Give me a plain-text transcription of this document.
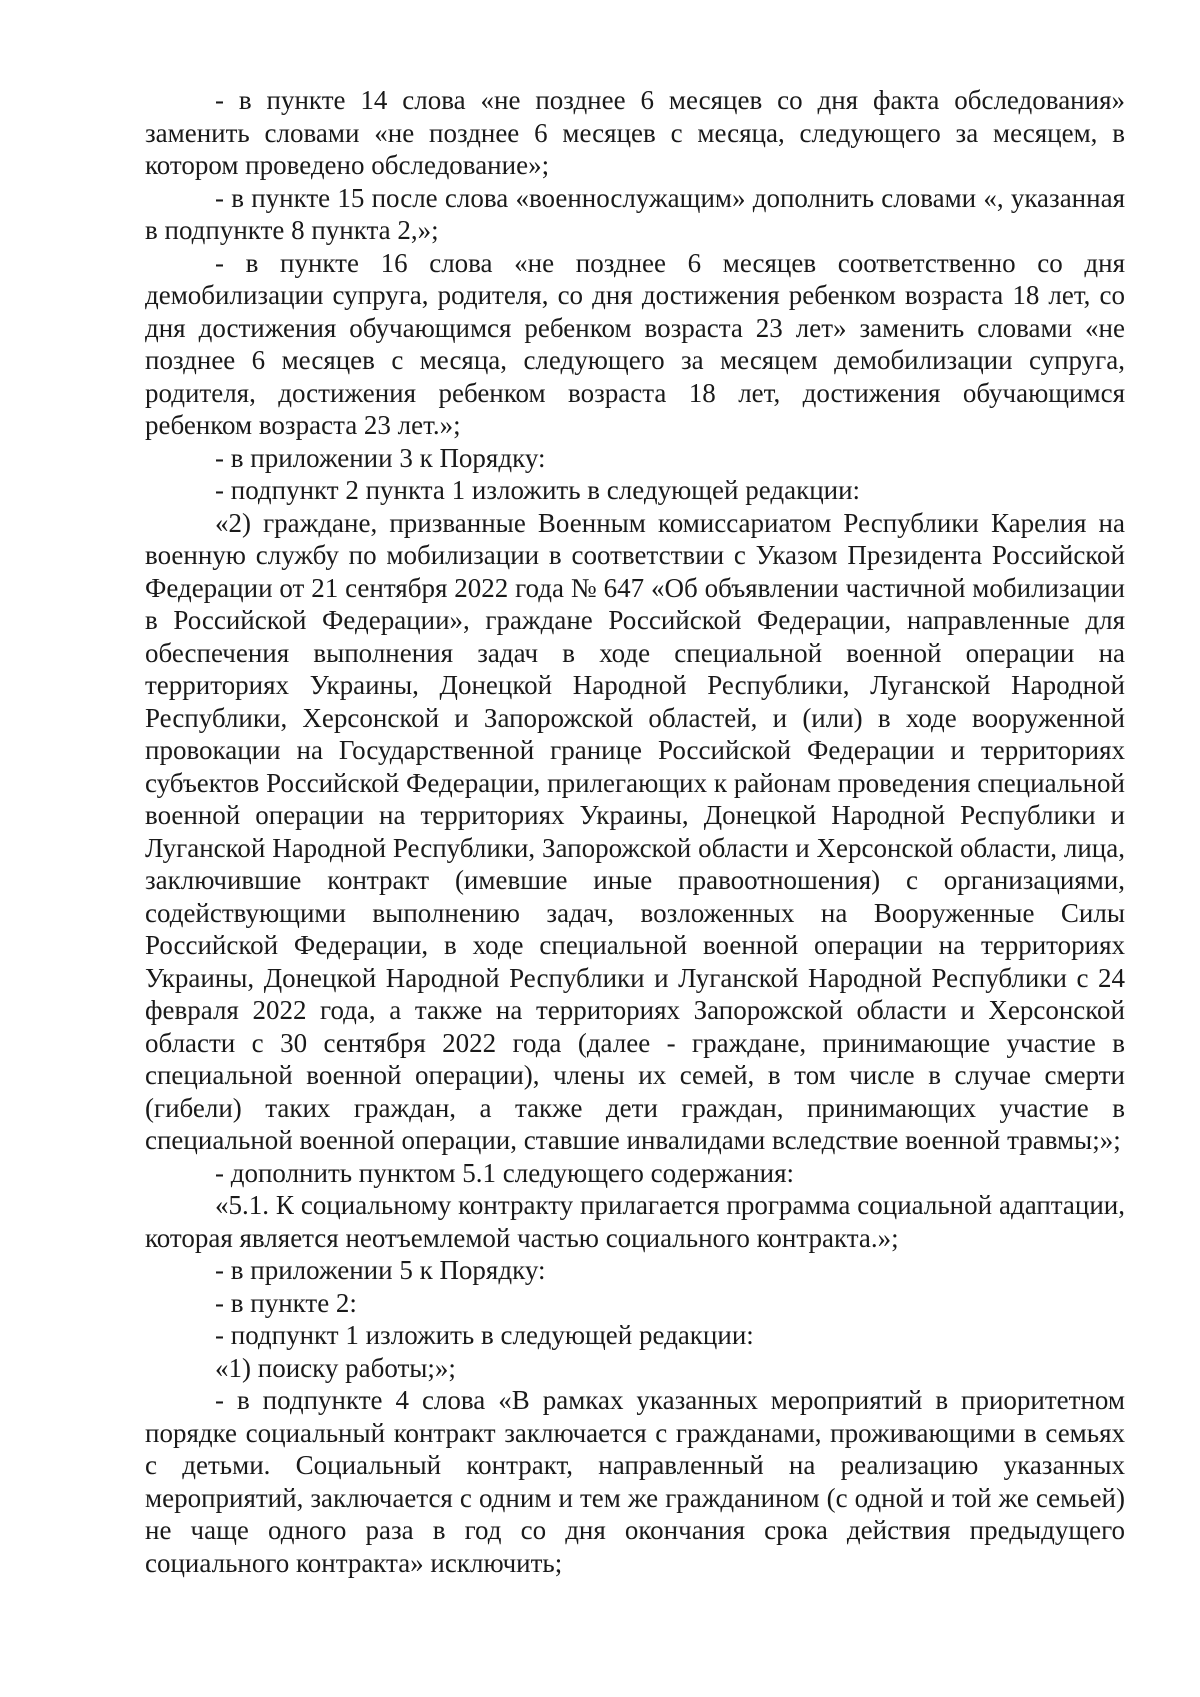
- в пункте 14 слова «не позднее 6 месяцев со дня факта обследования» заменить словами «не позднее 6 месяцев с месяца, следующего за месяцем, в котором проведено обследование»;

- в пункте 15 после слова «военнослужащим» дополнить словами «, указанная в подпункте 8 пункта 2,»;

- в пункте 16 слова «не позднее 6 месяцев соответственно со дня демобилизации супруга, родителя, со дня достижения ребенком возраста 18 лет, со дня достижения обучающимся ребенком возраста 23 лет» заменить словами «не позднее 6 месяцев с месяца, следующего за месяцем демобилизации супруга, родителя, достижения ребенком возраста 18 лет, достижения обучающимся ребенком возраста 23 лет.»;

- в приложении 3 к Порядку:

- подпункт 2 пункта 1 изложить в следующей редакции:

«2) граждане, призванные Военным комиссариатом Республики Карелия на военную службу по мобилизации в соответствии с Указом Президента Российской Федерации от 21 сентября 2022 года № 647 «Об объявлении частичной мобилизации в Российской Федерации», граждане Российской Федерации, направленные для обеспечения выполнения задач в ходе специальной военной операции на территориях Украины, Донецкой Народной Республики, Луганской Народной Республики, Херсонской и Запорожской областей, и (или) в ходе вооруженной провокации на Государственной границе Российской Федерации и территориях субъектов Российской Федерации, прилегающих к районам проведения специальной военной операции на территориях Украины, Донецкой Народной Республики и Луганской Народной Республики, Запорожской области и Херсонской области, лица, заключившие контракт (имевшие иные правоотношения) с организациями, содействующими выполнению задач, возложенных на Вооруженные Силы Российской Федерации, в ходе специальной военной операции на территориях Украины, Донецкой Народной Республики и Луганской Народной Республики с 24 февраля 2022 года, а также на территориях Запорожской области и Херсонской области с 30 сентября 2022 года (далее - граждане, принимающие участие в специальной военной операции), члены их семей, в том числе в случае смерти (гибели) таких граждан, а также дети граждан, принимающих участие в специальной военной операции, ставшие инвалидами вследствие военной травмы;»;

- дополнить пунктом 5.1 следующего содержания:

«5.1. К социальному контракту прилагается программа социальной адаптации, которая является неотъемлемой частью социального контракта.»;

- в приложении 5 к Порядку:

- в пункте 2:

- подпункт 1 изложить в следующей редакции:

«1) поиску работы;»;

- в подпункте 4 слова «В рамках указанных мероприятий в приоритетном порядке социальный контракт заключается с гражданами, проживающими в семьях с детьми. Социальный контракт, направленный на реализацию указанных мероприятий, заключается с одним и тем же гражданином (с одной и той же семьей) не чаще одного раза в год со дня окончания срока действия предыдущего социального контракта» исключить;
